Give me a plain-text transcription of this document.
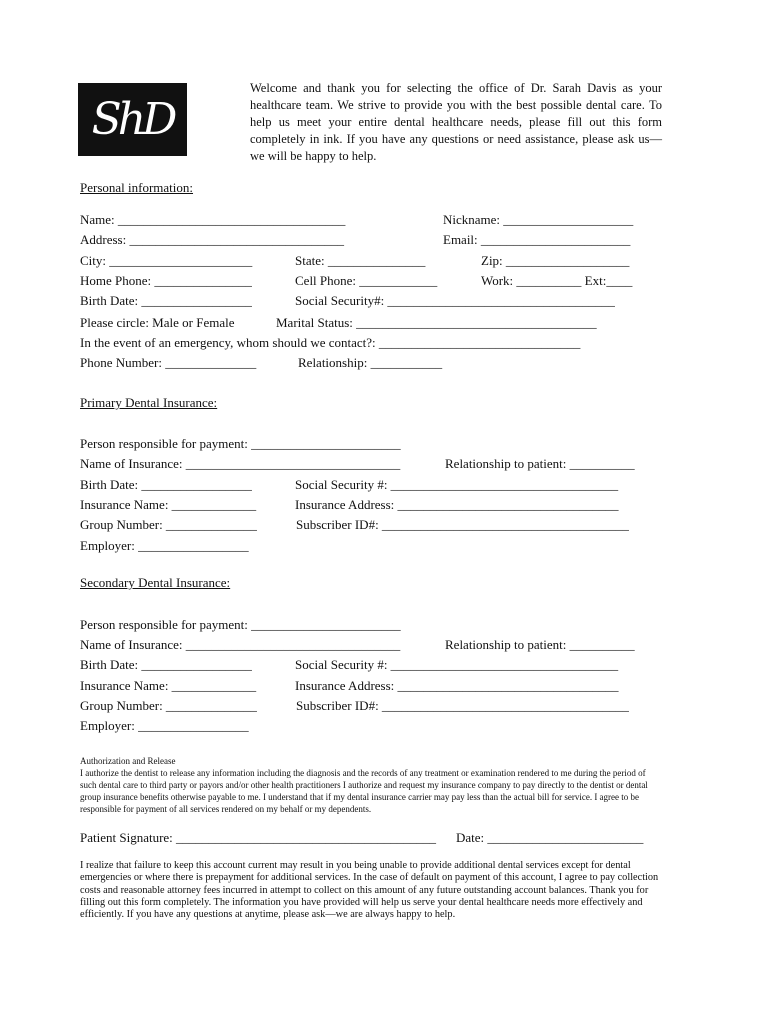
ShD
Welcome and thank you for selecting the office of Dr. Sarah Davis as your healthcare team. We strive to provide you with the best possible dental care. To help us meet your entire dental healthcare needs, please fill out this form completely in ink. If you have any questions or need assistance, please ask us—we will be happy to help.
Personal information:
Name: ___________________________________	Nickname: ____________________
Address: _________________________________	Email: _______________________
City: ______________________	State: _______________	Zip: ___________________
Home Phone: _______________	Cell Phone: ____________	Work: __________ Ext:____
Birth Date: _________________	Social Security#: ___________________________________
Please circle: Male or Female	Marital Status: _____________________________________
In the event of an emergency, whom should we contact?: _______________________________
Phone Number: ______________	Relationship: ___________
Primary Dental Insurance:
Person responsible for payment: _______________________
Name of Insurance: _________________________________	Relationship to patient: __________
Birth Date: _________________	Social Security #: ___________________________________
Insurance Name: _____________	Insurance Address: __________________________________
Group Number: ______________	Subscriber ID#: ______________________________________
Employer: _________________
Secondary Dental Insurance:
Person responsible for payment: _______________________
Name of Insurance: _________________________________	Relationship to patient: __________
Birth Date: _________________	Social Security #: ___________________________________
Insurance Name: _____________	Insurance Address: __________________________________
Group Number: ______________	Subscriber ID#: ______________________________________
Employer: _________________
Authorization and Release
I authorize the dentist to release any information including the diagnosis and the records of any treatment or examination rendered to me during the period of such dental care to third party or payors and/or other health practitioners I authorize and request my insurance company to pay directly to the dentist or dental group insurance benefits otherwise payable to me. I understand that if my dental insurance carrier may pay less than the actual bill for service. I agree to be responsible for payment of all services rendered on my behalf or my dependents.
Patient Signature: ________________________________________ Date: ________________________
I realize that failure to keep this account current may result in you being unable to provide additional dental services except for dental emergencies or where there is prepayment for additional services. In the case of default on payment of this account, I agree to pay collection costs and reasonable attorney fees incurred in attempt to collect on this amount of any future outstanding account balances. Thank you for filling out this form completely. The information you have provided will help us serve your dental healthcare needs more effectively and efficiently. If you have any questions at anytime, please ask—we are always happy to help.
